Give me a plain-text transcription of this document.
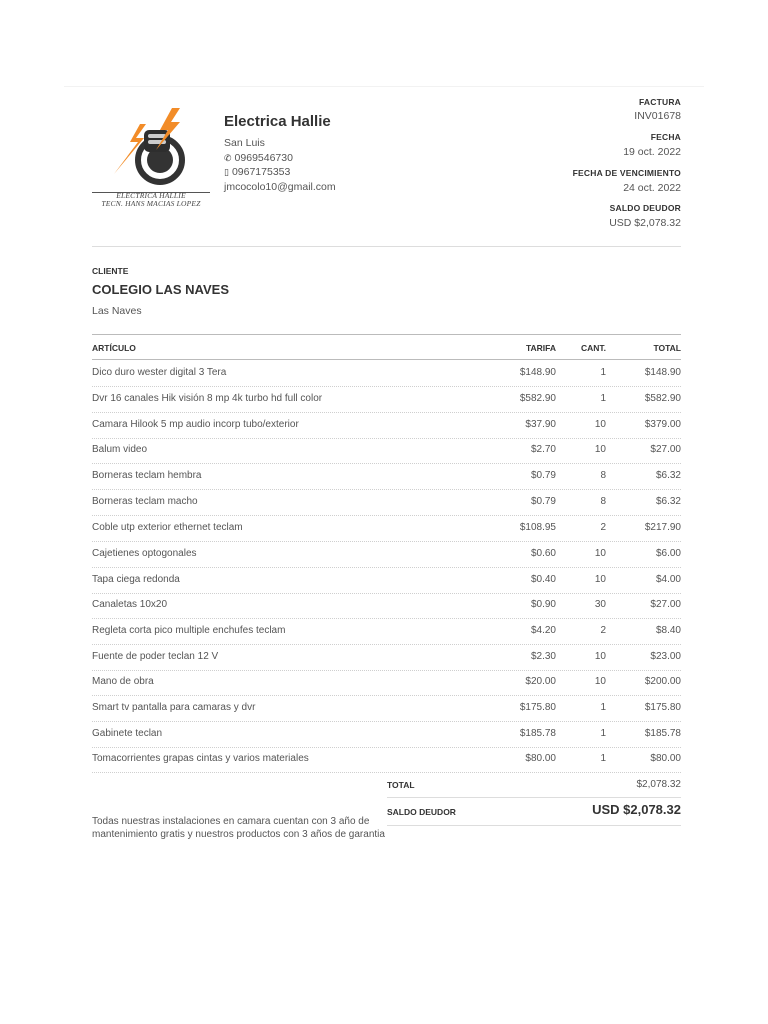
ELECTRICA HALLIE
TECN. HANS MACIAS LOPEZ
Electrica Hallie
San Luis
✆ 0969546730
▯ 0967175353
jmcocolo10@gmail.com
FACTURA
INV01678
FECHA
19 oct. 2022
FECHA DE VENCIMIENTO
24 oct. 2022
SALDO DEUDOR
USD $2,078.32
CLIENTE
COLEGIO LAS NAVES
Las Naves
ARTÍCULO	TARIFA	CANT.	TOTAL
Dico duro wester digital 3 Tera	$148.90	1	$148.90
Dvr 16 canales Hik visión 8 mp 4k turbo hd full color	$582.90	1	$582.90
Camara Hilook 5 mp audio incorp tubo/exterior	$37.90	10	$379.00
Balum video	$2.70	10	$27.00
Borneras teclam hembra	$0.79	8	$6.32
Borneras teclam macho	$0.79	8	$6.32
Coble utp exterior ethernet teclam	$108.95	2	$217.90
Cajetienes optogonales	$0.60	10	$6.00
Tapa ciega redonda	$0.40	10	$4.00
Canaletas 10x20	$0.90	30	$27.00
Regleta corta pico multiple enchufes teclam	$4.20	2	$8.40
Fuente de poder teclan 12 V	$2.30	10	$23.00
Mano de obra	$20.00	10	$200.00
Smart tv pantalla para camaras y dvr	$175.80	1	$175.80
Gabinete teclan	$185.78	1	$185.78
Tomacorrientes grapas cintas y varios materiales	$80.00	1	$80.00
TOTAL	$2,078.32
SALDO DEUDOR	USD $2,078.32
Todas nuestras instalaciones en camara cuentan con 3 año de mantenimiento gratis y nuestros productos con 3 años de garantia
